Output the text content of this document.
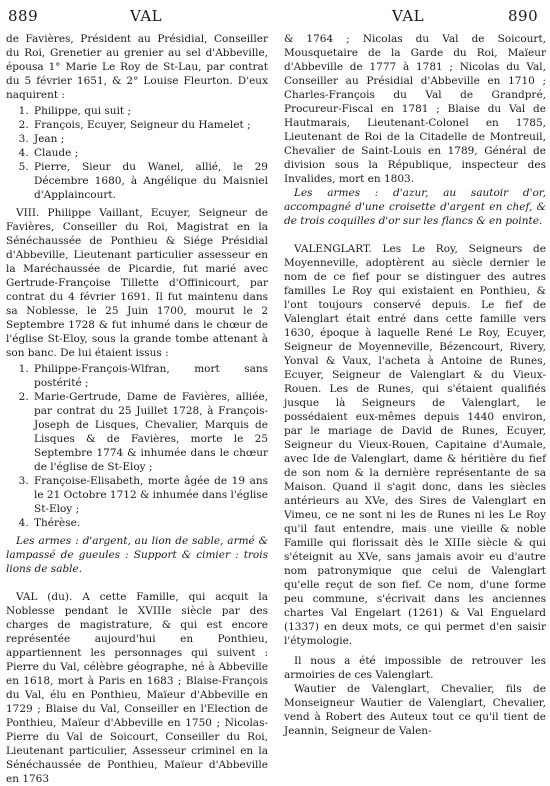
889	VAL	VAL	890

de Favières, Président au Présidial, Conseiller du Roi, Grenetier au grenier au sel d'Abbeville, épousa 1° Marie Le Roy de St-Lau, par contrat du 5 février 1651, & 2° Louise Fleurton. D'eux naquirent :

1. Philippe, qui suit ;
2. François, Ecuyer, Seigneur du Hamelet ;
3. Jean ;
4. Claude ;
5. Pierre, Sieur du Wanel, allié, le 29 Décembre 1680, à Angélique du Maisniel d'Applaincourt.

VIII. Philippe Vaillant, Ecuyer, Seigneur de Favières, Conseiller du Roi, Magistrat en la Sénéchaussée de Ponthieu & Siége Présidial d'Abbeville, Lieutenant particulier assesseur en la Maréchaussée de Picardie, fut marié avec Gertrude-Françoise Tillette d'Offinicourt, par contrat du 4 février 1691. Il fut maintenu dans sa Noblesse, le 25 Juin 1700, mourut le 2 Septembre 1728 & fut inhumé dans le chœur de l'église St-Eloy, sous la grande tombe attenant à son banc. De lui étaient issus :

1. Philippe-François-Wlfran, mort sans postérité ;
2. Marie-Gertrude, Dame de Favières, alliée, par contrat du 25 Juillet 1728, à François-Joseph de Lisques, Chevalier, Marquis de Lisques & de Favières, morte le 25 Septembre 1774 & inhumée dans le chœur de l'église de St-Eloy ;
3. Françoise-Elisabeth, morte âgée de 19 ans le 21 Octobre 1712 & inhumée dans l'église St-Eloy ;
4. Thérèse.

Les armes : d'argent, au lion de sable, armé & lampassé de gueules : Support & cimier : trois lions de sable.

VAL (du). A cette Famille, qui acquit la Noblesse pendant le XVIIIe siècle par des charges de magistrature, & qui est encore représentée aujourd'hui en Ponthieu, appartiennent les personnages qui suivent : Pierre du Val, célèbre géographe, né à Abbeville en 1618, mort à Paris en 1683 ; Blaise-François du Val, élu en Ponthieu, Maïeur d'Abbeville en 1729 ; Blaise du Val, Conseiller en l'Election de Ponthieu, Maïeur d'Abbeville en 1750 ; Nicolas-Pierre du Val de Soicourt, Conseiller du Roi, Lieutenant particulier, Assesseur criminel en la Sénéchaussée de Ponthieu, Maïeur d'Abbeville en 1763

& 1764 ; Nicolas du Val de Soicourt, Mousquetaire de la Garde du Roi, Maïeur d'Abbeville de 1777 à 1781 ; Nicolas du Val, Conseiller au Présidial d'Abbeville en 1710 ; Charles-François du Val de Grandpré, Procureur-Fiscal en 1781 ; Blaise du Val de Hautmarais, Lieutenant-Colonel en 1785, Lieutenant de Roi de la Citadelle de Montreuil, Chevalier de Saint-Louis en 1789, Général de division sous la République, inspecteur des Invalides, mort en 1803.

Les armes : d'azur, au sautoir d'or, accompagné d'une croisette d'argent en chef, & de trois coquilles d'or sur les flancs & en pointe.

VALENGLART. Les Le Roy, Seigneurs de Moyenneville, adoptèrent au siècle dernier le nom de ce fief pour se distinguer des autres familles Le Roy qui existaient en Ponthieu, & l'ont toujours conservé depuis. Le fief de Valenglart était entré dans cette famille vers 1630, époque à laquelle René Le Roy, Ecuyer, Seigneur de Moyenneville, Bézencourt, Rivery, Yonval & Vaux, l'acheta à Antoine de Runes, Ecuyer, Seigneur de Valenglart & du Vieux-Rouen. Les de Runes, qui s'étaient qualifiés jusque là Seigneurs de Valenglart, le possédaient eux-mêmes depuis 1440 environ, par le mariage de David de Runes, Ecuyer, Seigneur du Vieux-Rouen, Capitaine d'Aumale, avec Ide de Valenglart, dame & héritière du fief de son nom & la dernière représentante de sa Maison. Quand il s'agit donc, dans les siècles antérieurs au XVe, des Sires de Valenglart en Vimeu, ce ne sont ni les de Runes ni les Le Roy qu'il faut entendre, mais une vieille & noble Famille qui florissait dès le XIIIe siècle & qui s'éteignit au XVe, sans jamais avoir eu d'autre nom patronymique que celui de Valenglart qu'elle reçut de son fief. Ce nom, d'une forme peu commune, s'écrivait dans les anciennes chartes Val Engelart (1261) & Val Enguelard (1337) en deux mots, ce qui permet d'en saisir l'étymologie.

Il nous a été impossible de retrouver les armoiries de ces Valenglart.

Wautier de Valenglart, Chevalier, fils de Monseigneur Wautier de Valenglart, Chevalier, vend à Robert des Auteux tout ce qu'il tient de Jeannin, Seigneur de Valen-
